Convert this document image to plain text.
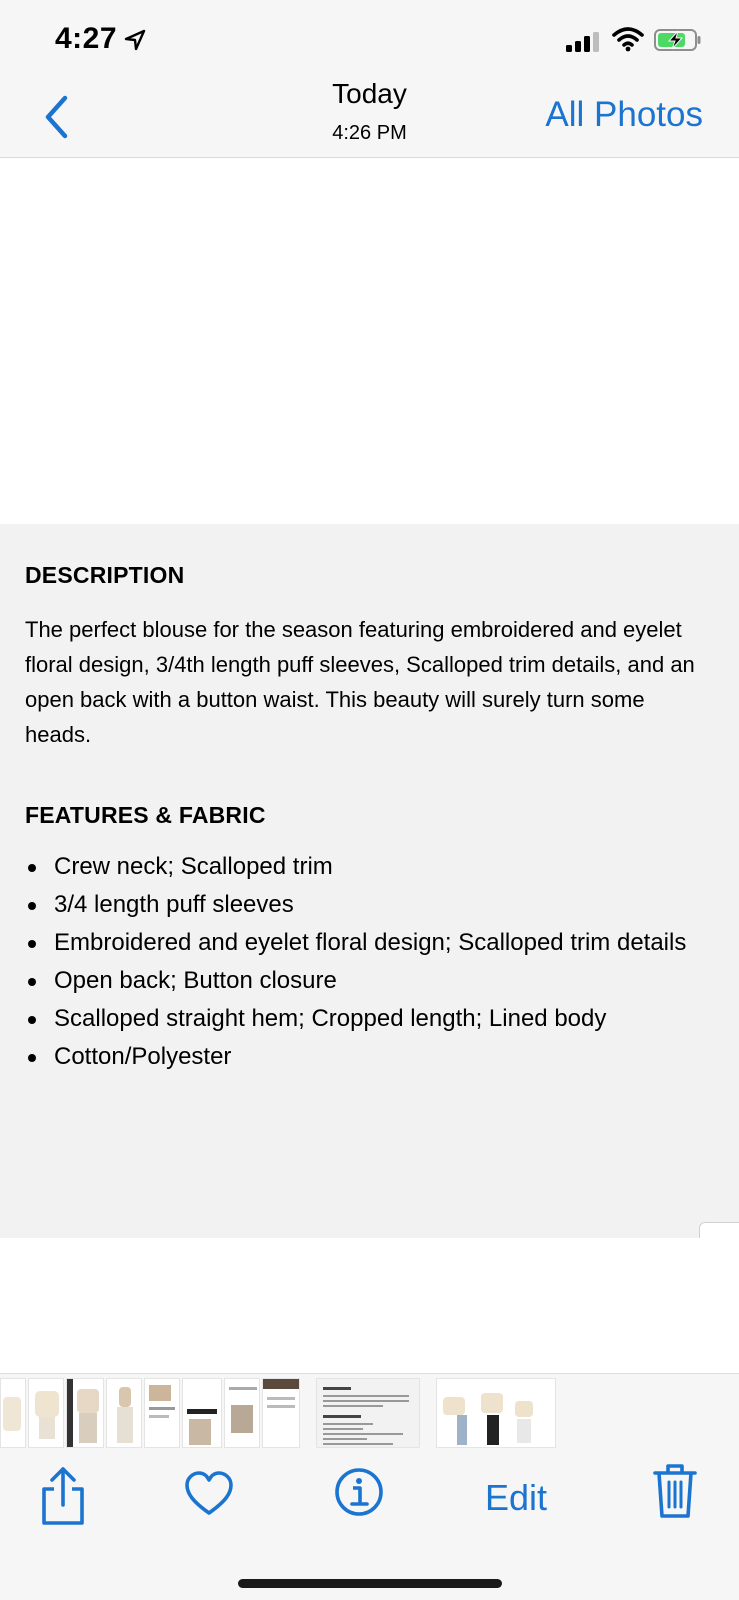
4:27
Today
4:26 PM	All Photos
DESCRIPTION

The perfect blouse for the season featuring embroidered and eyelet floral design, 3/4th length puff sleeves, Scalloped trim details, and an open back with a button waist. This beauty will surely turn some heads.

FEATURES & FABRIC
Crew neck; Scalloped trim
3/4 length puff sleeves
Embroidered and eyelet floral design; Scalloped trim details
Open back; Button closure
Scalloped straight hem; Cropped length; Lined body
Cotton/Polyester
Edit
